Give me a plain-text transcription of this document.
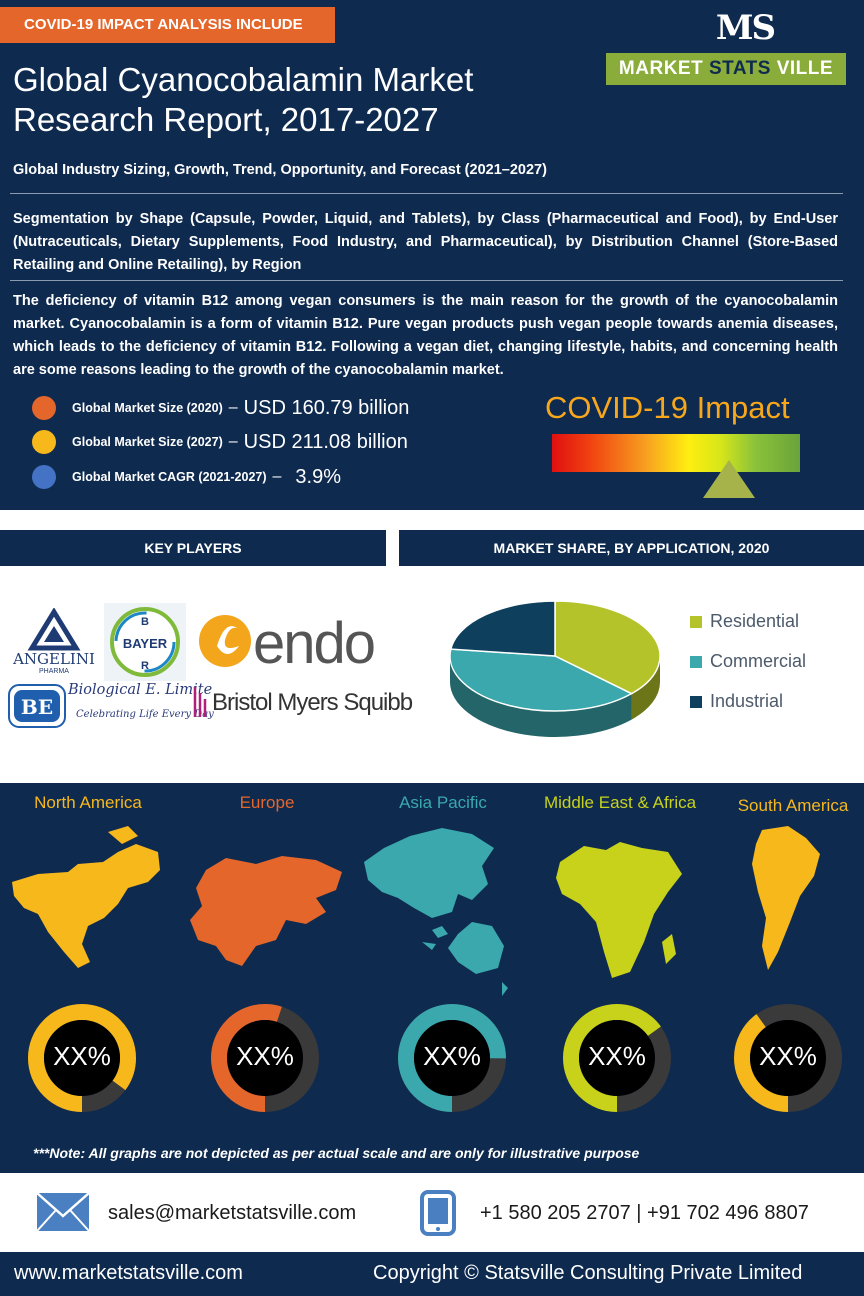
COVID-19 IMPACT ANALYSIS INCLUDE	MS
MARKET STATS VILLE
Global Cyanocobalamin Market Research Report, 2017-2027
Global Industry Sizing, Growth, Trend, Opportunity, and Forecast (2021–2027)
Segmentation by Shape (Capsule, Powder, Liquid, and Tablets), by Class (Pharmaceutical and Food), by End-User (Nutraceuticals, Dietary Supplements, Food Industry, and Pharmaceutical), by Distribution Channel (Store-Based Retailing and Online Retailing), by Region
The deficiency of vitamin B12 among vegan consumers is the main reason for the growth of the cyanocobalamin market. Cyanocobalamin is a form of vitamin B12. Pure vegan products push vegan people towards anemia diseases, which leads to the deficiency of vitamin B12. Following a vegan diet, changing lifestyle, habits, and concerning health are some reasons leading to the growth of the cyanocobalamin market.
Global Market Size (2020) – USD 160.79 billion
Global Market Size (2027) – USD 211.08 billion
Global Market CAGR (2021-2027) – 3.9%
COVID-19 Impact
KEY PLAYERS	MARKET SHARE, BY APPLICATION, 2020
ANGELINI
PHARMA
BAYER
B
R endo
BE
Biological E. Limite
Celebrating Life Every Day
Bristol Myers Squibb
Residential
Commercial
Industrial
North America	Europe	Asia Pacific	Middle East & Africa	South America
XX%	XX%	XX%	XX%	XX%
***Note: All graphs are not depicted as per actual scale and are only for illustrative purpose
sales@marketstatsville.com	+1 580 205 2707 | +91 702 496 8807
www.marketstatsville.com	Copyright © Statsville Consulting Private Limited
